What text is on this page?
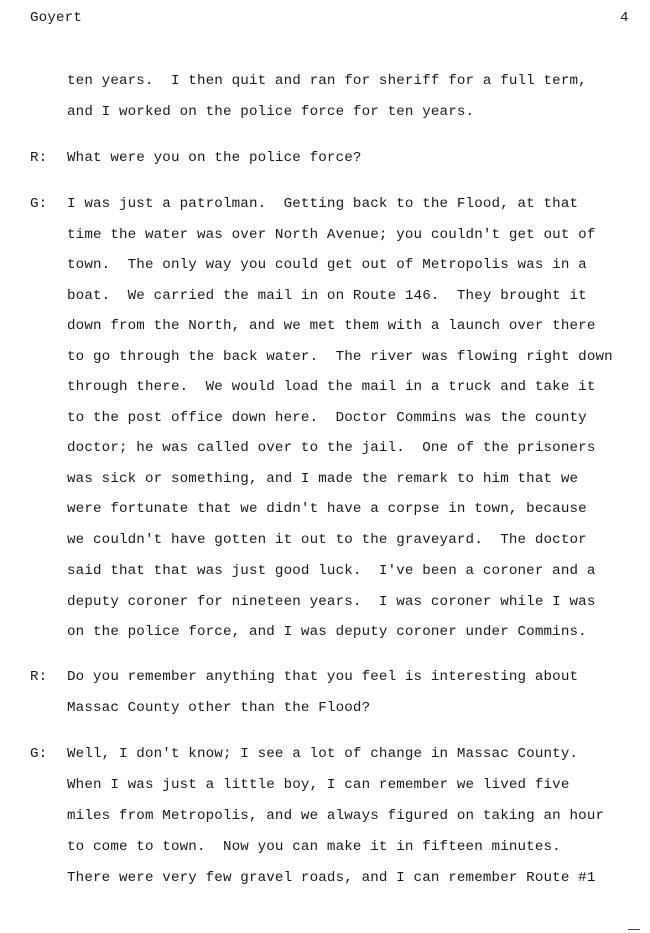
Goyert	4
ten years.  I then quit and ran for sheriff for a full term,
and I worked on the police force for ten years.
R: What were you on the police force?
G: I was just a patrolman.  Getting back to the Flood, at that
time the water was over North Avenue; you couldn't get out of
town.  The only way you could get out of Metropolis was in a
boat.  We carried the mail in on Route 146.  They brought it
down from the North, and we met them with a launch over there
to go through the back water.  The river was flowing right down
through there.  We would load the mail in a truck and take it
to the post office down here.  Doctor Commins was the county
doctor; he was called over to the jail.  One of the prisoners
was sick or something, and I made the remark to him that we
were fortunate that we didn't have a corpse in town, because
we couldn't have gotten it out to the graveyard.  The doctor
said that that was just good luck.  I've been a coroner and a
deputy coroner for nineteen years.  I was coroner while I was
on the police force, and I was deputy coroner under Commins.
R: Do you remember anything that you feel is interesting about
Massac County other than the Flood?
G: Well, I don't know; I see a lot of change in Massac County.
When I was just a little boy, I can remember we lived five
miles from Metropolis, and we always figured on taking an hour
to come to town.  Now you can make it in fifteen minutes.
There were very few gravel roads, and I can remember Route #1
